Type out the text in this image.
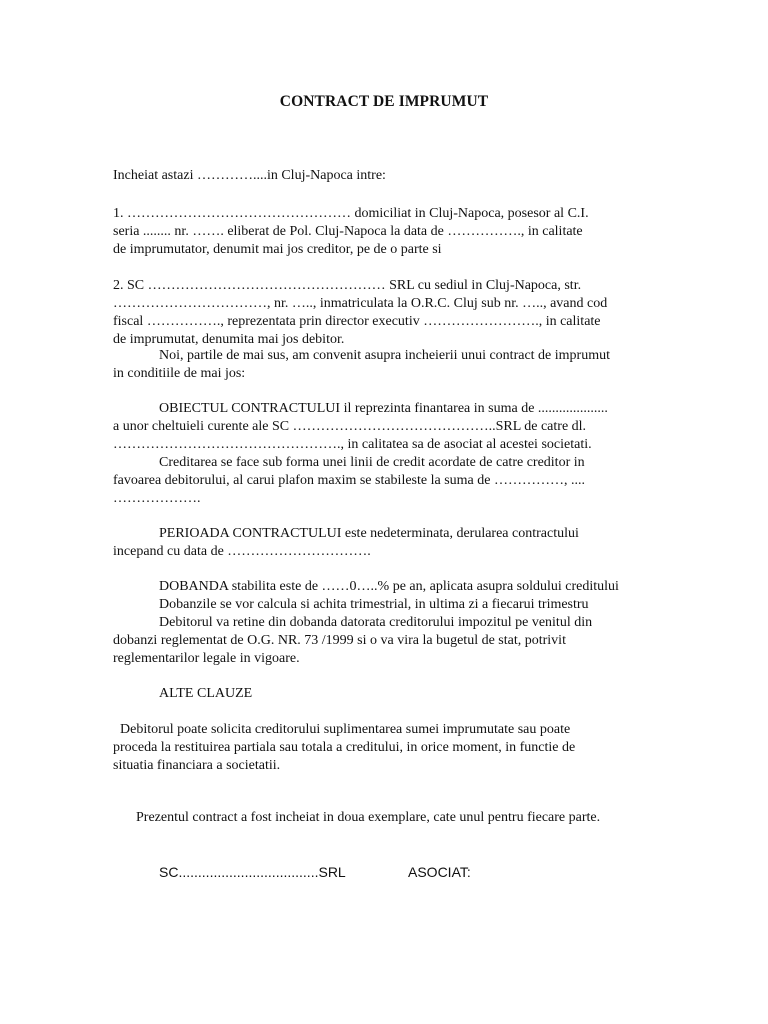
CONTRACT DE IMPRUMUT
Incheiat astazi …………....in Cluj-Napoca intre:
1. ………………………………………… domiciliat in Cluj-Napoca, posesor al C.I.
seria ........ nr. ……. eliberat de Pol. Cluj-Napoca la data de ……………., in calitate
de imprumutator, denumit mai jos creditor, pe de o parte si
2. SC …………………………………………… SRL cu sediul in Cluj-Napoca, str.
……………………………, nr. ….., inmatriculata la O.R.C. Cluj sub nr. ….., avand cod
fiscal ……………., reprezentata prin director executiv ……………………., in calitate
de imprumutat, denumita mai jos debitor.
Noi, partile de mai sus, am convenit asupra incheierii unui contract de imprumut
in conditiile de mai jos:
OBIECTUL CONTRACTULUI il reprezinta finantarea in suma de ....................
a unor cheltuieli curente ale SC ……………………………………..SRL de catre dl.
…………………………………………., in calitatea sa de asociat al acestei societati.
Creditarea se face sub forma unei linii de credit acordate de catre creditor in
favoarea debitorului, al carui plafon maxim se stabileste la suma de ……………, ....
……………….
PERIOADA CONTRACTULUI este nedeterminata, derularea contractului
incepand cu data de ………………………….
DOBANDA stabilita este de ……0…..% pe an, aplicata asupra soldului creditului
Dobanzile se vor calcula si achita trimestrial, in ultima zi a fiecarui trimestru
Debitorul va retine din dobanda datorata creditorului impozitul pe venitul din
dobanzi reglementat de O.G. NR. 73 /1999 si o va vira la bugetul de stat, potrivit
reglementarilor legale in vigoare.
ALTE CLAUZE
Debitorul poate solicita creditorului suplimentarea sumei imprumutate sau poate
proceda la restituirea partiala sau totala a creditului, in orice moment, in functie de
situatia financiara a societatii.
Prezentul contract a fost incheiat in doua exemplare, cate unul pentru fiecare parte.
SC....................................SRL	ASOCIAT:
